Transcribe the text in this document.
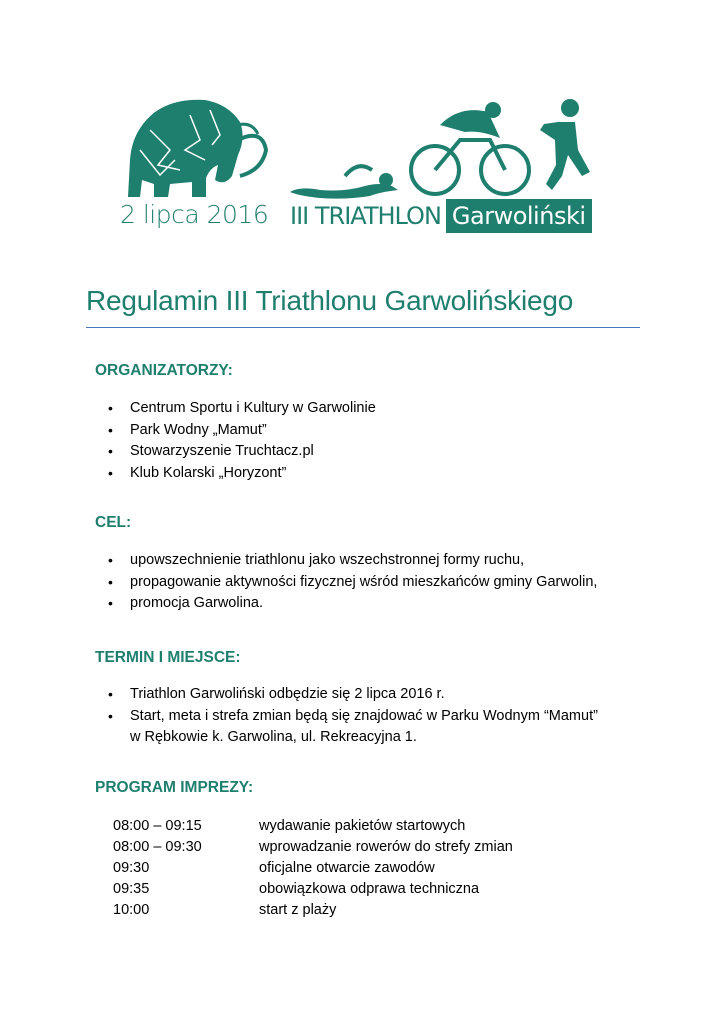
2 lipca 2016 III TRIATHLON Garwoliński
Regulamin III Triathlonu Garwolińskiego
ORGANIZATORZY:
• Centrum Sportu i Kultury w Garwolinie
• Park Wodny „Mamut”
• Stowarzyszenie Truchtacz.pl
• Klub Kolarski „Horyzont”
CEL:
• upowszechnienie triathlonu jako wszechstronnej formy ruchu,
• propagowanie aktywności fizycznej wśród mieszkańców gminy Garwolin,
• promocja Garwolina.
TERMIN I MIEJSCE:
• Triathlon Garwoliński odbędzie się 2 lipca 2016 r.
• Start, meta i strefa zmian będą się znajdować w Parku Wodnym “Mamut”
w Rębkowie k. Garwolina, ul. Rekreacyjna 1.
PROGRAM IMPREZY:
08:00 – 09:15	wydawanie pakietów startowych
08:00 – 09:30	wprowadzanie rowerów do strefy zmian
09:30	oficjalne otwarcie zawodów
09:35	obowiązkowa odprawa techniczna
10:00	start z plaży
